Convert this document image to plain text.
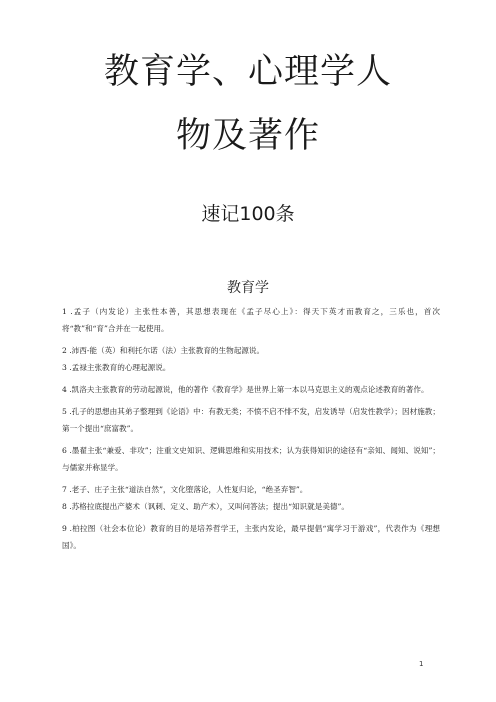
教育学、心理学人
物及著作
速记100条
教育学
1 .孟子（内发论）主张性本善，其思想表现在《孟子尽心上》：得天下英才而教育之，三乐也，首次将“教”和“育”合并在一起使用。
2 .沛西-能（英）和利托尔诺（法）主张教育的生物起源说。
3 .孟禄主张教育的心理起源说。
4 .凯洛夫主张教育的劳动起源说，他的著作《教育学》是世界上第一本以马克思主义的观点论述教育的著作。
5 .孔子的思想由其弟子整理到《论语》中：有教无类；不愤不启不悱不发，启发诱导（启发性教学）；因材施教；第一个提出“庶富教”。
6 .墨翟主张“兼爱、非攻”；注重文史知识、逻辑思维和实用技术；认为获得知识的途径有“亲知、闻知、说知”；与儒家并称显学。
7 .老子、庄子主张“道法自然”，文化堕落论，人性复归论，“绝圣弃智”。
8 .苏格拉底提出产婆术（讽刺、定义、助产术），又叫问答法；提出“知识就是美德”。
9 .柏拉图（社会本位论）教育的目的是培养哲学王，主张内发论，最早提倡“寓学习于游戏”，代表作为《理想国》。
1
